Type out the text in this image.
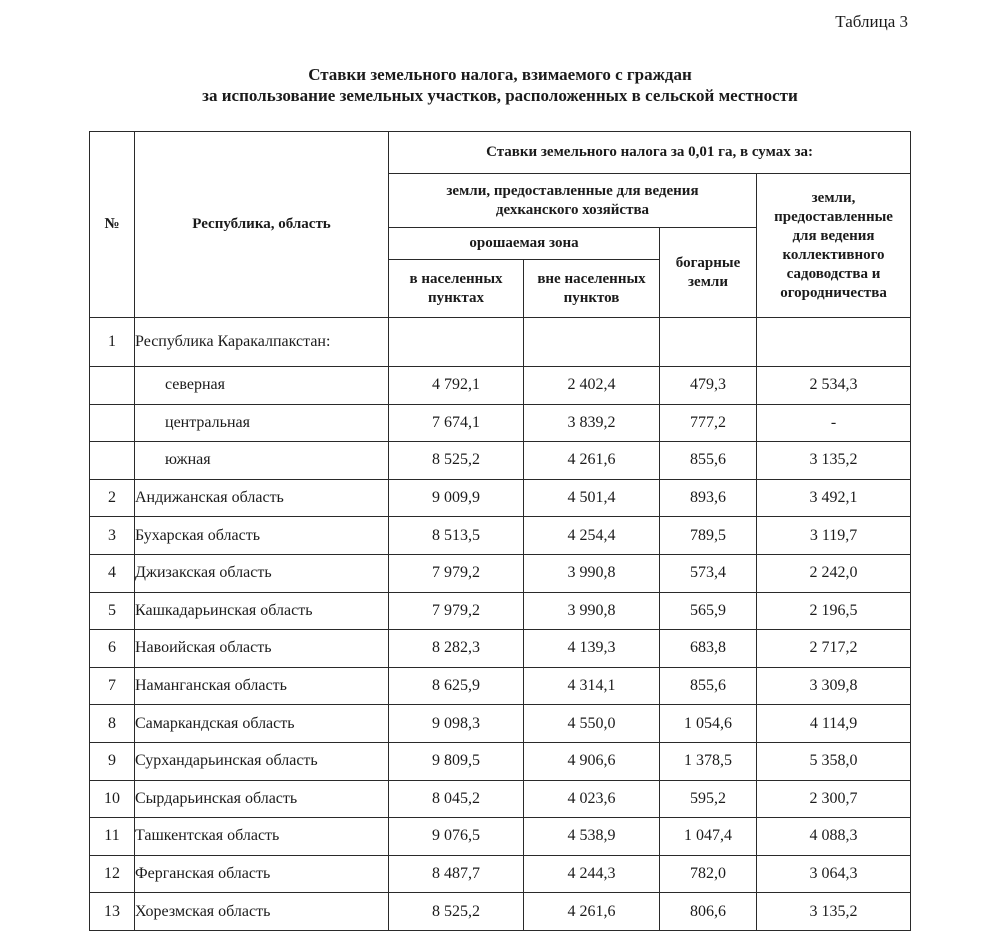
Таблица 3
Ставки земельного налога, взимаемого с граждан
за использование земельных участков, расположенных в сельской местности
№	Республика, область	Ставки земельного налога за 0,01 га, в сумах за:			
		земли, предоставленные для ведения дехканского хозяйства			земли, предоставленные для ведения коллективного садоводства и огородничества
		орошаемая зона		богарные земли	
		в населенных пунктах	вне населенных пунктов		
1	Республика Каракалпакстан:				
	северная	4 792,1	2 402,4	479,3	2 534,3
	центральная	7 674,1	3 839,2	777,2	-
	южная	8 525,2	4 261,6	855,6	3 135,2
2	Андижанская область	9 009,9	4 501,4	893,6	3 492,1
3	Бухарская область	8 513,5	4 254,4	789,5	3 119,7
4	Джизакская область	7 979,2	3 990,8	573,4	2 242,0
5	Кашкадарьинская область	7 979,2	3 990,8	565,9	2 196,5
6	Навоийская область	8 282,3	4 139,3	683,8	2 717,2
7	Наманганская область	8 625,9	4 314,1	855,6	3 309,8
8	Самаркандская область	9 098,3	4 550,0	1 054,6	4 114,9
9	Сурхандарьинская область	9 809,5	4 906,6	1 378,5	5 358,0
10	Сырдарьинская область	8 045,2	4 023,6	595,2	2 300,7
11	Ташкентская область	9 076,5	4 538,9	1 047,4	4 088,3
12	Ферганская область	8 487,7	4 244,3	782,0	3 064,3
13	Хорезмская область	8 525,2	4 261,6	806,6	3 135,2
